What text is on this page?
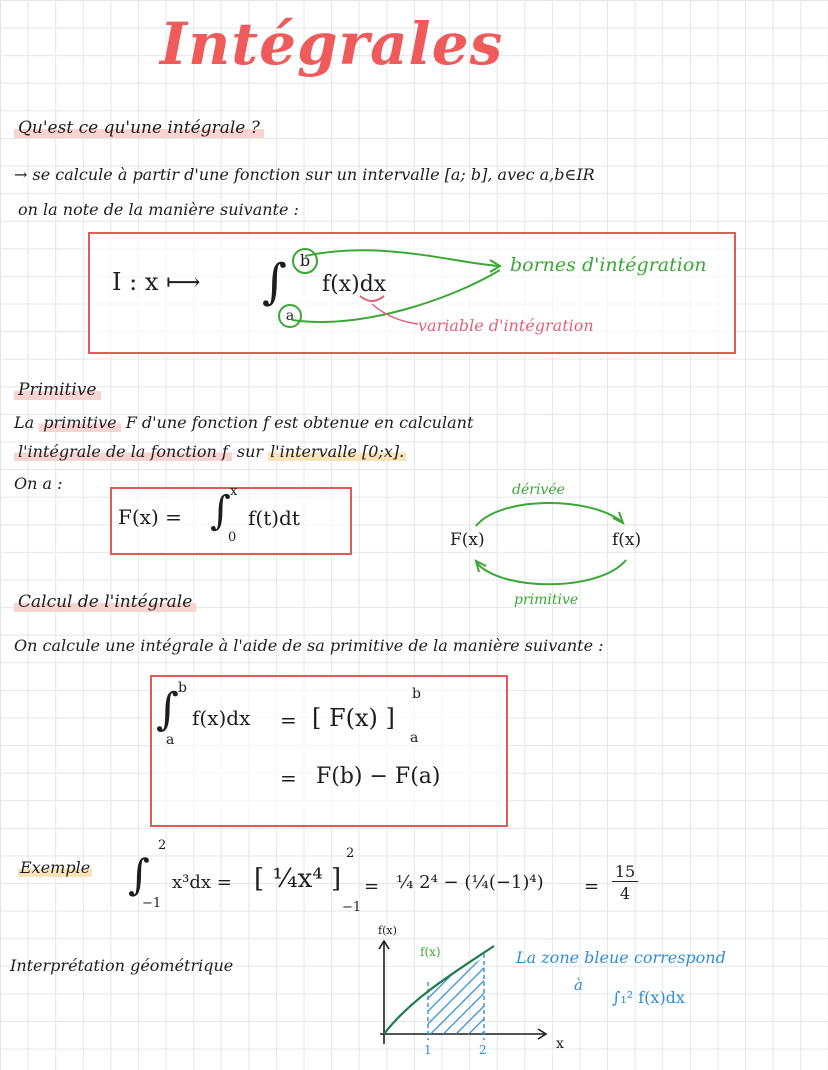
Intégrales
Qu'est ce qu'une intégrale ?
→ se calcule à partir d'une fonction sur un intervalle [a; b], avec a,b∈IR
on la note de la manière suivante :
I : x ⟼ ∫ b
a
f(x)dx
bornes d'intégration
variable d'intégration
Primitive
La primitive F d'une fonction f est obtenue en calculant
l'intégrale de la fonction f sur l'intervalle [0;x].
On a :
F(x) = ∫ x
0
f(t)dt
F(x)	f(x)
dérivée
primitive
Calcul de l'intégrale
On calcule une intégrale à l'aide de sa primitive de la manière suivante :
∫ b
a
f(x)dx = [ F(x) ]
b
a
= F(b) − F(a)
Exemple ∫
2
−1
x³dx = [ ¼x⁴ ]
2
−1
= ¼ 2⁴ − (¼(−1)⁴) =
15
4
Interprétation géométrique
f(x)
f(x)
x
1	2
La zone bleue correspond
à
∫₁² f(x)dx
